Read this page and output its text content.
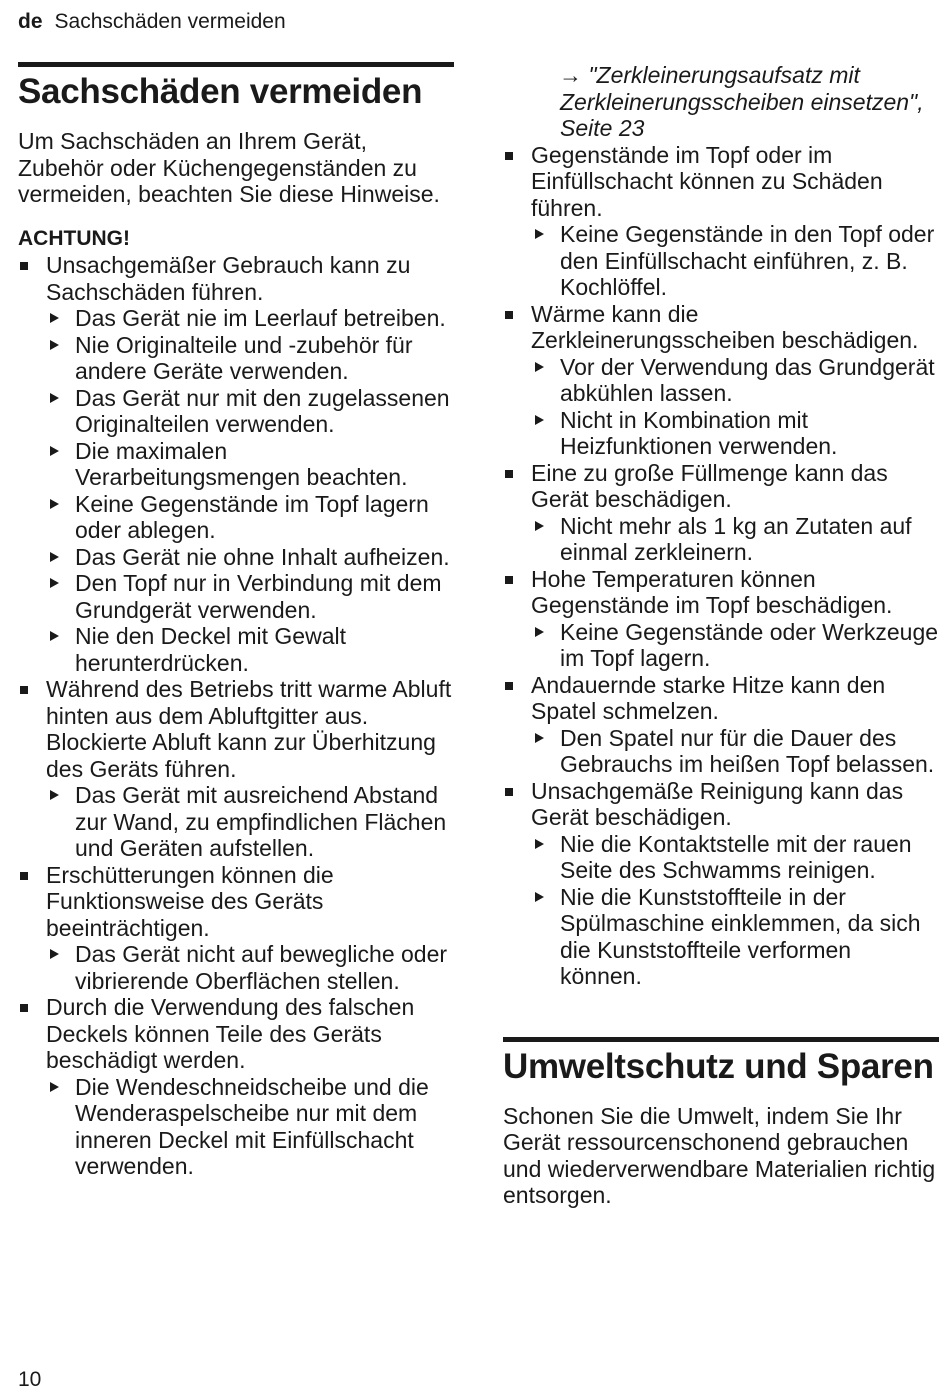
de Sachschäden vermeiden
Sachschäden vermeiden

Um Sachschäden an Ihrem Gerät, Zubehör oder Küchengegenständen zu vermeiden, beachten Sie diese Hinweise.

ACHTUNG!
Unsachgemäßer Gebrauch kann zu Sachschäden führen.
Das Gerät nie im Leerlauf betreiben.
Nie Originalteile und -zubehör für andere Geräte verwenden.
Das Gerät nur mit den zugelassenen Originalteilen verwenden.
Die maximalen Verarbeitungsmengen beachten.
Keine Gegenstände im Topf lagern oder ablegen.
Das Gerät nie ohne Inhalt aufheizen.
Den Topf nur in Verbindung mit dem Grundgerät verwenden.
Nie den Deckel mit Gewalt herunterdrücken.
Während des Betriebs tritt warme Abluft hinten aus dem Abluftgitter aus. Blockierte Abluft kann zur Überhitzung des Geräts führen.
Das Gerät mit ausreichend Abstand zur Wand, zu empfindlichen Flächen und Geräten aufstellen.
Erschütterungen können die Funktionsweise des Geräts beeinträchtigen.
Das Gerät nicht auf bewegliche oder vibrierende Oberflächen stellen.
Durch die Verwendung des falschen Deckels können Teile des Geräts beschädigt werden.
Die Wendeschneidscheibe und die Wenderaspelscheibe nur mit dem inneren Deckel mit Einfüllschacht verwenden.
→ "Zerkleinerungsaufsatz mit Zerkleinerungsscheiben einsetzen", Seite 23
Gegenstände im Topf oder im Einfüllschacht können zu Schäden führen.
Keine Gegenstände in den Topf oder den Einfüllschacht einführen, z. B. Kochlöffel.
Wärme kann die Zerkleinerungsscheiben beschädigen.
Vor der Verwendung das Grundgerät abkühlen lassen.
Nicht in Kombination mit Heizfunktionen verwenden.
Eine zu große Füllmenge kann das Gerät beschädigen.
Nicht mehr als 1 kg an Zutaten auf einmal zerkleinern.
Hohe Temperaturen können Gegenstände im Topf beschädigen.
Keine Gegenstände oder Werkzeuge im Topf lagern.
Andauernde starke Hitze kann den Spatel schmelzen.
Den Spatel nur für die Dauer des Gebrauchs im heißen Topf belassen.
Unsachgemäße Reinigung kann das Gerät beschädigen.
Nie die Kontaktstelle mit der rauen Seite des Schwamms reinigen.
Nie die Kunststoffteile in der Spülmaschine einklemmen, da sich die Kunststoffteile verformen können.
Umweltschutz und Sparen

Schonen Sie die Umwelt, indem Sie Ihr Gerät ressourcenschonend gebrauchen und wiederverwendbare Materialien richtig entsorgen.

10
